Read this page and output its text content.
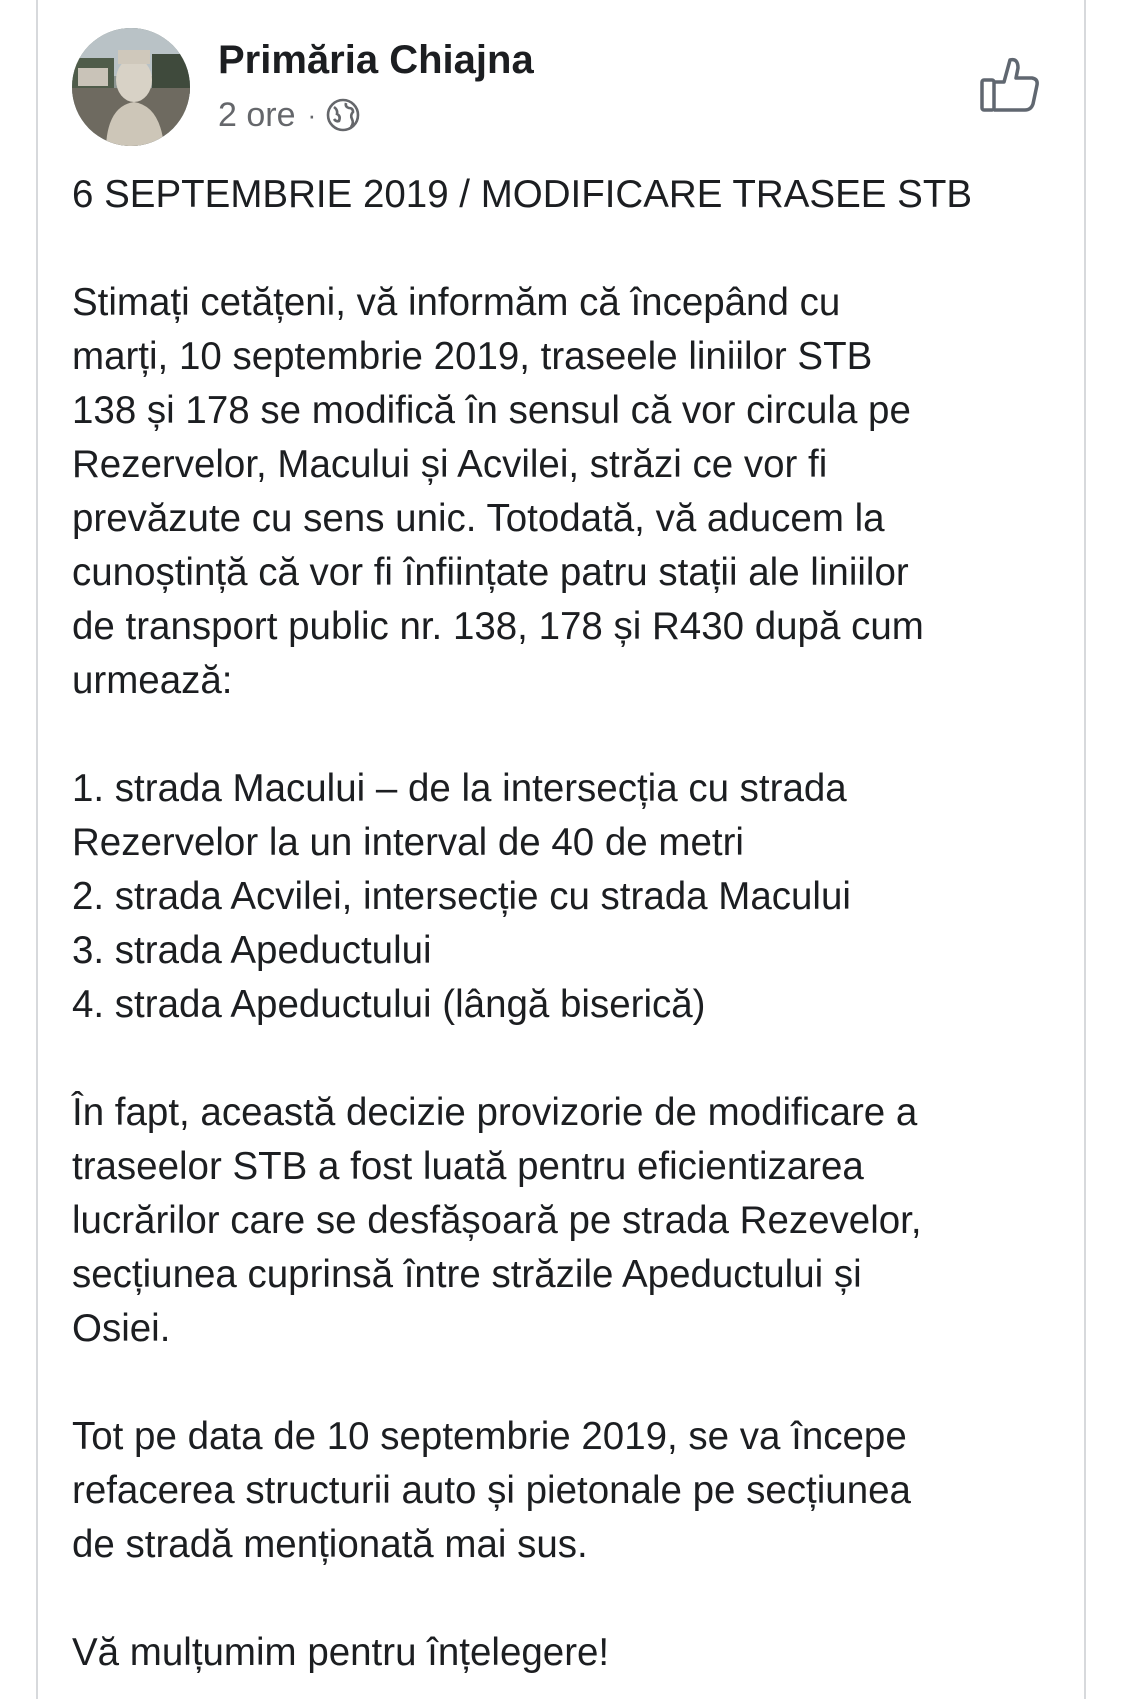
Primăria Chiajna
2 ore ·

6 SEPTEMBRIE 2019 / MODIFICARE TRASEE STB

Stimați cetățeni, vă informăm că începând cu

marți, 10 septembrie 2019, traseele liniilor STB

138 și 178 se modifică în sensul că vor circula pe

Rezervelor, Macului și Acvilei, străzi ce vor fi

prevăzute cu sens unic. Totodată, vă aducem la

cunoștință că vor fi înființate patru stații ale liniilor

de transport public nr. 138, 178 și R430 după cum

urmează:

1. strada Macului – de la intersecția cu strada

Rezervelor la un interval de 40 de metri

2. strada Acvilei, intersecție cu strada Macului

3. strada Apeductului

4. strada Apeductului (lângă biserică)

În fapt, această decizie provizorie de modificare a

traseelor STB a fost luată pentru eficientizarea

lucrărilor care se desfășoară pe strada Rezevelor,

secțiunea cuprinsă între străzile Apeductului și

Osiei.

Tot pe data de 10 septembrie 2019, se va începe

refacerea structurii auto și pietonale pe secțiunea

de stradă menționată mai sus.

Vă mulțumim pentru înțelegere!
